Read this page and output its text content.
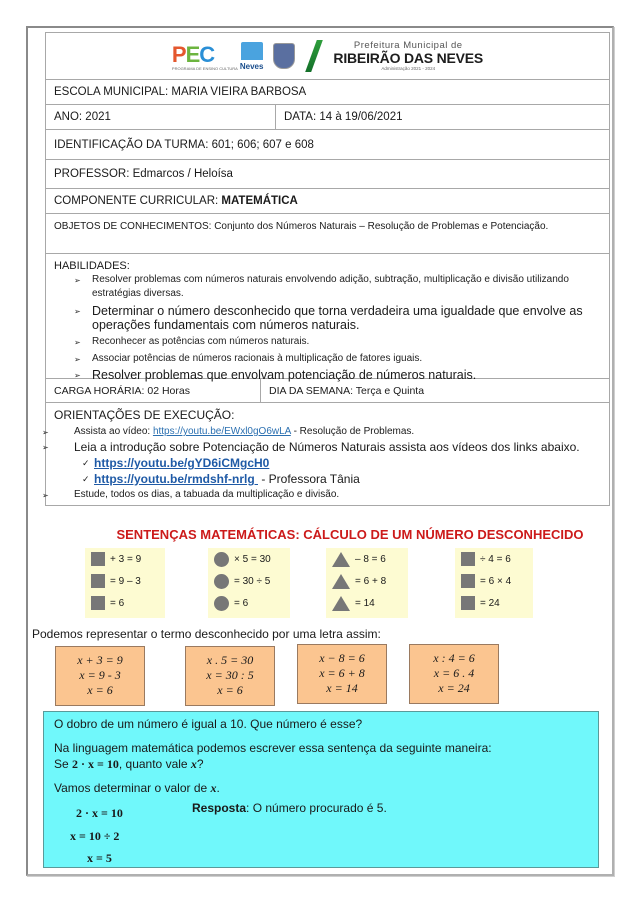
PEC
PROGRAMA DE ENSINO CULTURA Neves
Prefeitura Municipal de
RIBEIRÃO DAS NEVES
Administração 2021 - 2024
ESCOLA MUNICIPAL: MARIA VIEIRA BARBOSA
ANO: 2021	DATA: 14 à 19/06/2021
IDENTIFICAÇÃO DA TURMA: 601; 606; 607 e 608
PROFESSOR: Edmarcos / Heloísa
COMPONENTE CURRICULAR: MATEMÁTICA
OBJETOS DE CONHECIMENTOS: Conjunto dos Números Naturais – Resolução de Problemas e Potenciação.
HABILIDADES:
➢ Resolver problemas com números naturais envolvendo adição, subtração, multiplicação e divisão utilizando estratégias diversas.
➢ Determinar o número desconhecido que torna verdadeira uma igualdade que envolve as operações fundamentais com números naturais.
➢ Reconhecer as potências com números naturais.
➢ Associar potências de números racionais à multiplicação de fatores iguais.
➢ Resolver problemas que envolvam potenciação de números naturais.
CARGA HORÁRIA: 02 Horas	DIA DA SEMANA: Terça e Quinta
ORIENTAÇÕES DE EXECUÇÃO:
➢ Assista ao vídeo: https://youtu.be/EWxl0gO6wLA - Resolução de Problemas.
➢ Leia a introdução sobre Potenciação de Números Naturais assista aos vídeos dos links abaixo.
✓ https://youtu.be/gYD6iCMgcH0
✓ https://youtu.be/rmdshf-nrlg  - Professora Tânia
➢ Estude, todos os dias, a tabuada da multiplicação e divisão.
SENTENÇAS MATEMÁTICAS: CÁLCULO DE UM NÚMERO DESCONHECIDO
+ 3 = 9
= 9 – 3
= 6
× 5 = 30
= 30 ÷ 5
= 6
– 8 = 6
= 6 + 8
= 14
÷ 4 = 6
= 6 × 4
= 24
Podemos representar o termo desconhecido por uma letra assim:
x + 3 = 9
x = 9 - 3
x = 6
x . 5 = 30
x = 30 : 5
x = 6
x − 8 = 6
x = 6 + 8
x = 14
x : 4 = 6
x = 6 . 4
x = 24

O dobro de um número é igual a 10. Que número é esse?

Na linguagem matemática podemos escrever essa sentença da seguinte maneira:

Se 2 · x = 10, quanto vale x?

Vamos determinar o valor de x.

2 · x = 10

x = 10 ÷ 2

x = 5

Resposta: O número procurado é 5.
